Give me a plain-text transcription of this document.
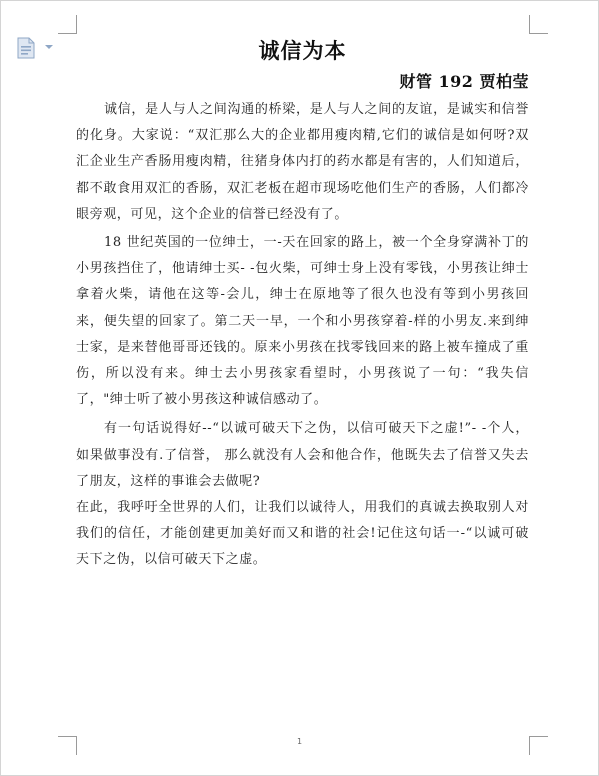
诚信为本
财管 192 贾柏莹

诚信，是人与人之间沟通的桥梁，是人与人之间的友谊，是诚实和信誉的化身。大家说：“双汇那么大的企业都用瘦肉精,它们的诚信是如何呀?双汇企业生产香肠用瘦肉精，往猪身体内打的药水都是有害的，人们知道后，都不敢食用双汇的香肠，双汇老板在超市现场吃他们生产的香肠，人们都冷眼旁观，可见，这个企业的信誉已经没有了。

18 世纪英国的一位绅士，一-天在回家的路上，被一个全身穿满补丁的小男孩挡住了，他请绅士买- -包火柴，可绅士身上没有零钱，小男孩让绅士拿着火柴，请他在这等-会儿，绅士在原地等了很久也没有等到小男孩回来，便失望的回家了。第二天一早，一个和小男孩穿着-样的小男友.来到绅士家，是来替他哥哥还钱的。原来小男孩在找零钱回来的路上被车撞成了重伤，所以没有来。绅士去小男孩家看望时，小男孩说了一句：“我失信了，"绅士听了被小男孩这种诚信感动了。

有一句话说得好--“以诚可破天下之伪，以信可破天下之虚!”- -个人，如果做事没有.了信誉， 那么就没有人会和他合作，他既失去了信誉又失去了朋友，这样的事谁会去做呢?

在此，我呼吁全世界的人们，让我们以诚待人，用我们的真诚去换取别人对我们的信任，才能创建更加美好而又和谐的社会!记住这句话一-“以诚可破天下之伪，以信可破天下之虚。

1
